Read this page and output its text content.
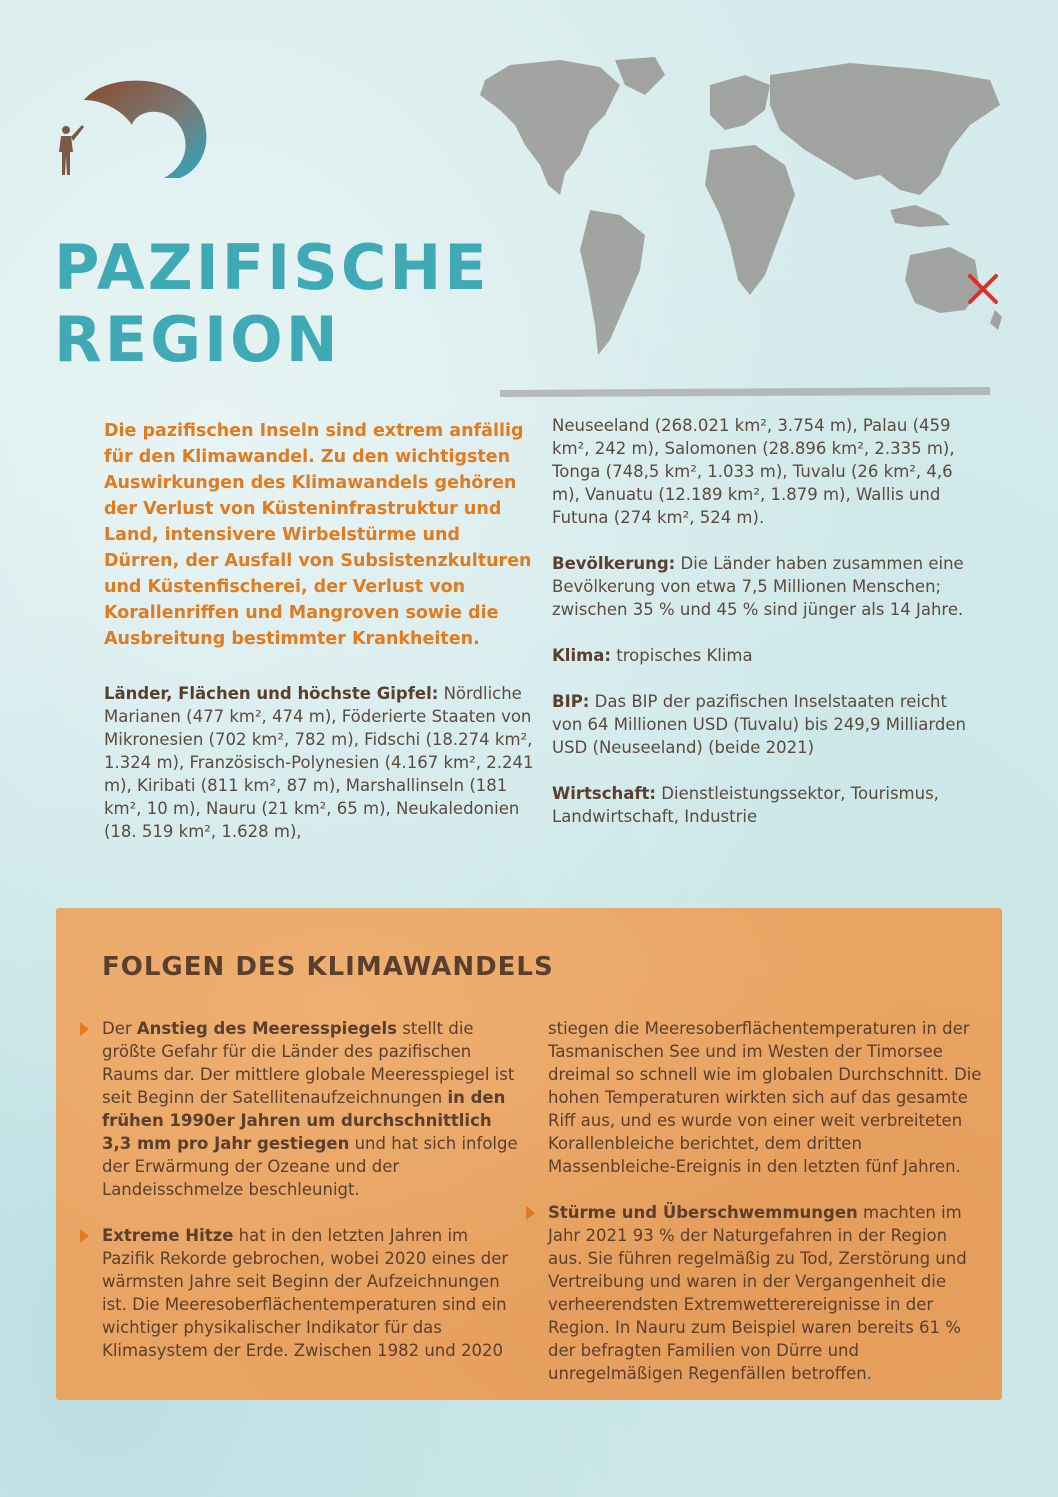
PAZIFISCHE
REGION

Die pazifischen Inseln sind extrem anfällig für den Klimawandel. Zu den wichtigsten Auswirkungen des Klimawandels gehören der Verlust von Küsteninfrastruktur und Land, intensivere Wirbelstürme und Dürren, der Ausfall von Subsistenzkulturen und Küstenfischerei, der Verlust von Korallenriffen und Mangroven sowie die Ausbreitung bestimmter Krankheiten.

Länder, Flächen und höchste Gipfel: Nördliche Marianen (477 km², 474 m), Föderierte Staaten von Mikronesien (702 km², 782 m), Fidschi (18.274 km², 1.324 m), Französisch-Polynesien (4.167 km², 2.241 m), Kiribati (811 km², 87 m), Marshallinseln (181 km², 10 m), Nauru (21 km², 65 m), Neukaledonien (18. 519 km², 1.628 m),

Neuseeland (268.021 km², 3.754 m), Palau (459 km², 242 m), Salomonen (28.896 km², 2.335 m), Tonga (748,5 km², 1.033 m), Tuvalu (26 km², 4,6 m), Vanuatu (12.189 km², 1.879 m), Wallis und Futuna (274 km², 524 m).

Bevölkerung: Die Länder haben zusammen eine Bevölkerung von etwa 7,5 Millionen Menschen; zwischen 35 % und 45 % sind jünger als 14 Jahre.

Klima: tropisches Klima

BIP: Das BIP der pazifischen Inselstaaten reicht von 64 Millionen USD (Tuvalu) bis 249,9 Milliarden USD (Neuseeland) (beide 2021)

Wirtschaft: Dienstleistungssektor, Tourismus, Landwirtschaft, Industrie

FOLGEN DES KLIMAWANDELS

Der Anstieg des Meeresspiegels stellt die größte Gefahr für die Länder des pazifischen Raums dar. Der mittlere globale Meeresspiegel ist seit Beginn der Satellitenaufzeichnungen in den frühen 1990er Jahren um durchschnittlich 3,3 mm pro Jahr gestiegen und hat sich infolge der Erwärmung der Ozeane und der Landeisschmelze beschleunigt.

Extreme Hitze hat in den letzten Jahren im Pazifik Rekorde gebrochen, wobei 2020 eines der wärmsten Jahre seit Beginn der Aufzeichnungen ist. Die Meeresoberflächentemperaturen sind ein wichtiger physikalischer Indikator für das Klimasystem der Erde. Zwischen 1982 und 2020

stiegen die Meeresoberflächentemperaturen in der Tasmanischen See und im Westen der Timorsee dreimal so schnell wie im globalen Durchschnitt. Die hohen Temperaturen wirkten sich auf das gesamte Riff aus, und es wurde von einer weit verbreiteten Korallenbleiche berichtet, dem dritten Massenbleiche-Ereignis in den letzten fünf Jahren.

Stürme und Überschwemmungen machten im Jahr 2021 93 % der Naturgefahren in der Region aus. Sie führen regelmäßig zu Tod, Zerstörung und Vertreibung und waren in der Vergangenheit die verheerendsten Extremwetterereignisse in der Region. In Nauru zum Beispiel waren bereits 61 % der befragten Familien von Dürre und unregelmäßigen Regenfällen betroffen.
